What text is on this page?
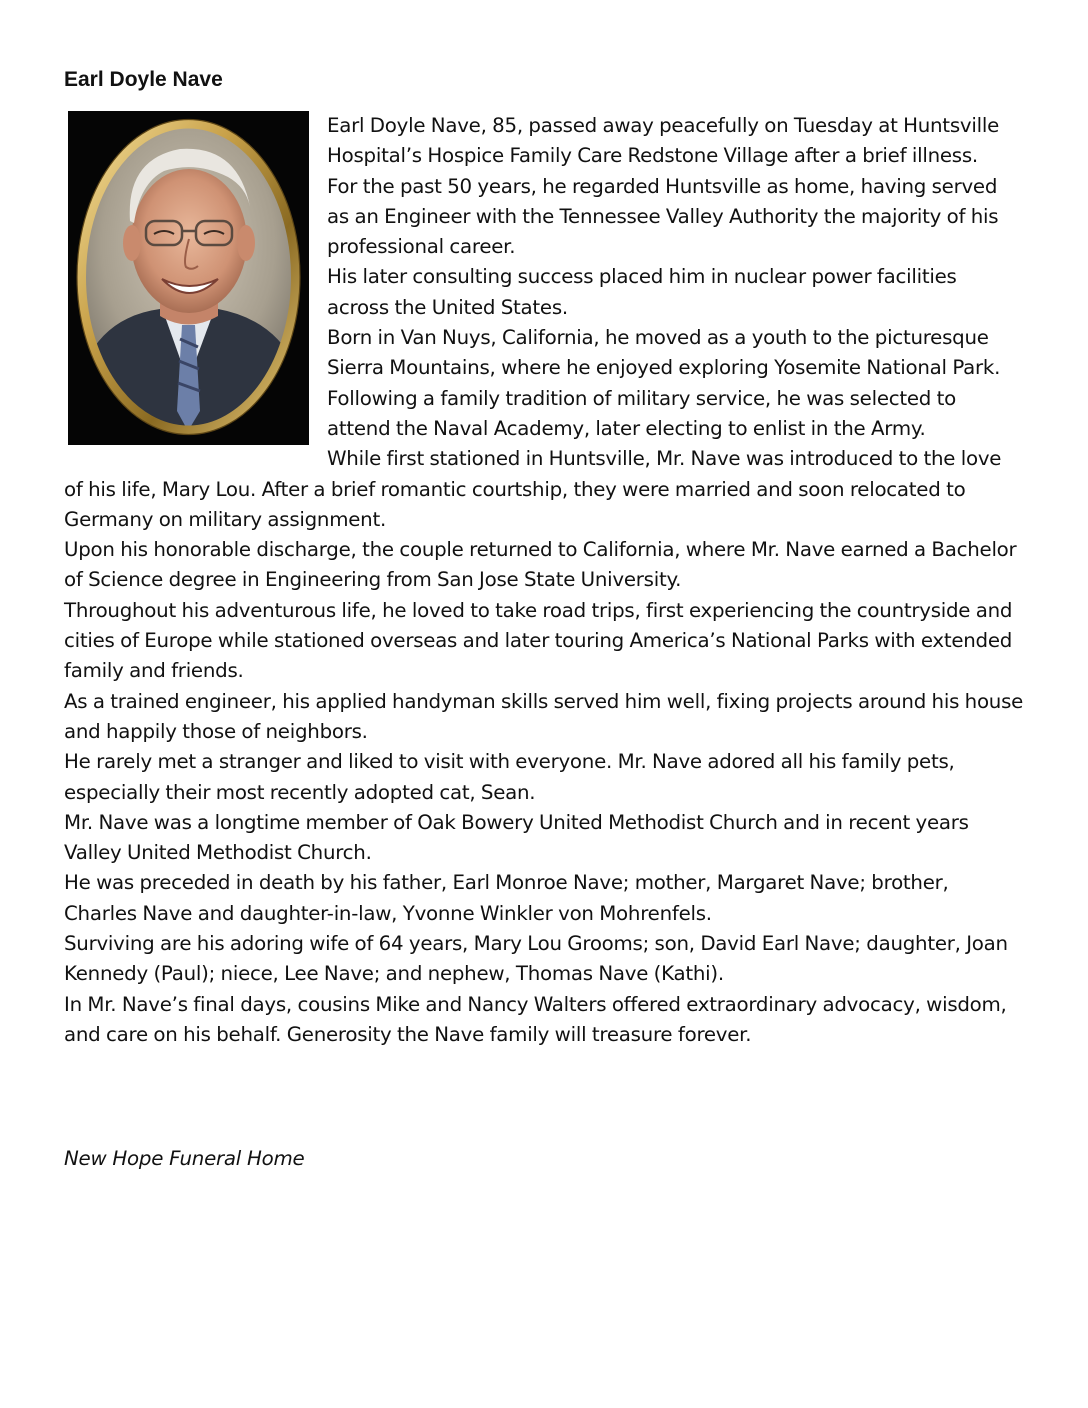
Earl Doyle Nave

Earl Doyle Nave, 85, passed away peacefully on Tuesday at Huntsville Hospital’s Hospice Family Care Redstone Village after a brief illness.

For the past 50 years, he regarded Huntsville as home, having served as an Engineer with the Tennessee Valley Authority the majority of his professional career.

His later consulting success placed him in nuclear power facilities across the United States.

Born in Van Nuys, California, he moved as a youth to the picturesque Sierra Mountains, where he enjoyed exploring Yosemite National Park. Following a family tradition of military service, he was selected to attend the Naval Academy, later electing to enlist in the Army.

While first stationed in Huntsville, Mr. Nave was introduced to the love of his life, Mary Lou. After a brief romantic courtship, they were married and soon relocated to Germany on military assignment.

Upon his honorable discharge, the couple returned to California, where Mr. Nave earned a Bachelor of Science degree in Engineering from San Jose State University.

Throughout his adventurous life, he loved to take road trips, first experiencing the countryside and cities of Europe while stationed overseas and later touring America’s National Parks with extended family and friends.

As a trained engineer, his applied handyman skills served him well, fixing projects around his house and happily those of neighbors.

He rarely met a stranger and liked to visit with everyone. Mr. Nave adored all his family pets, especially their most recently adopted cat, Sean.

Mr. Nave was a longtime member of Oak Bowery United Methodist Church and in recent years Valley United Methodist Church.

He was preceded in death by his father, Earl Monroe Nave; mother, Margaret Nave; brother, Charles Nave and daughter-in-law, Yvonne Winkler von Mohrenfels.

Surviving are his adoring wife of 64 years, Mary Lou Grooms; son, David Earl Nave; daughter, Joan Kennedy (Paul); niece, Lee Nave; and nephew, Thomas Nave (Kathi).

In Mr. Nave’s final days, cousins Mike and Nancy Walters offered extraordinary advocacy, wisdom, and care on his behalf. Generosity the Nave family will treasure forever.

New Hope Funeral Home
